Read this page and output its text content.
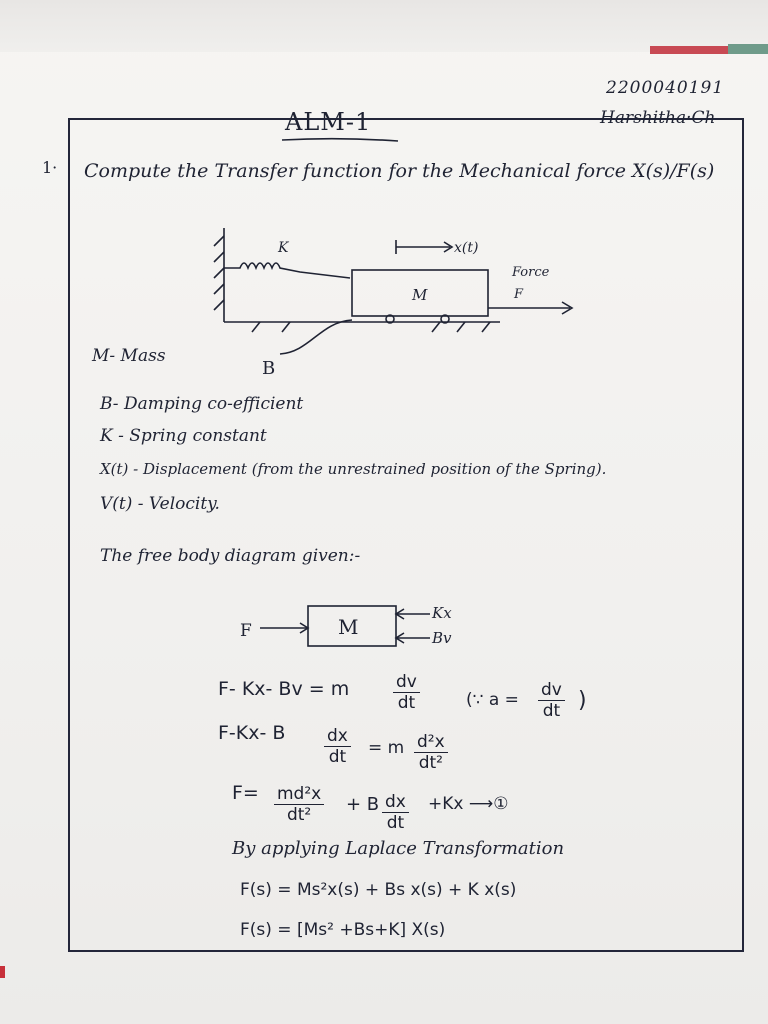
2200040191
Harshitha·Ch
ALM-1
1· Compute the Transfer function for the Mechanical force X(s)/F(s)
K
M
x(t)
Force
F
B
M- Mass
B- Damping co-efficient
K - Spring constant
X(t) - Displacement (from the unrestrained position of the Spring).
V(t) - Velocity.
The free body diagram given:-
F	M
Kx
Bv
F- Kx- Bv = m	$\frac{dv}{dt}$	(∵ $a = \frac{dv}{dt}$ )
F-Kx- B $\frac{dx}{dt} = m \frac{\text{d²x}}{\text{dt²}}$
$F= \frac{\text{md²x}}{\text{dt²}} + B \frac{dx}{dt} +Kx$ ⟶①
By applying Laplace Transformation
F(s) = Ms²x(s) + Bs x(s) + K x(s)
F(s) = [Ms² +Bs+K] X(s)
